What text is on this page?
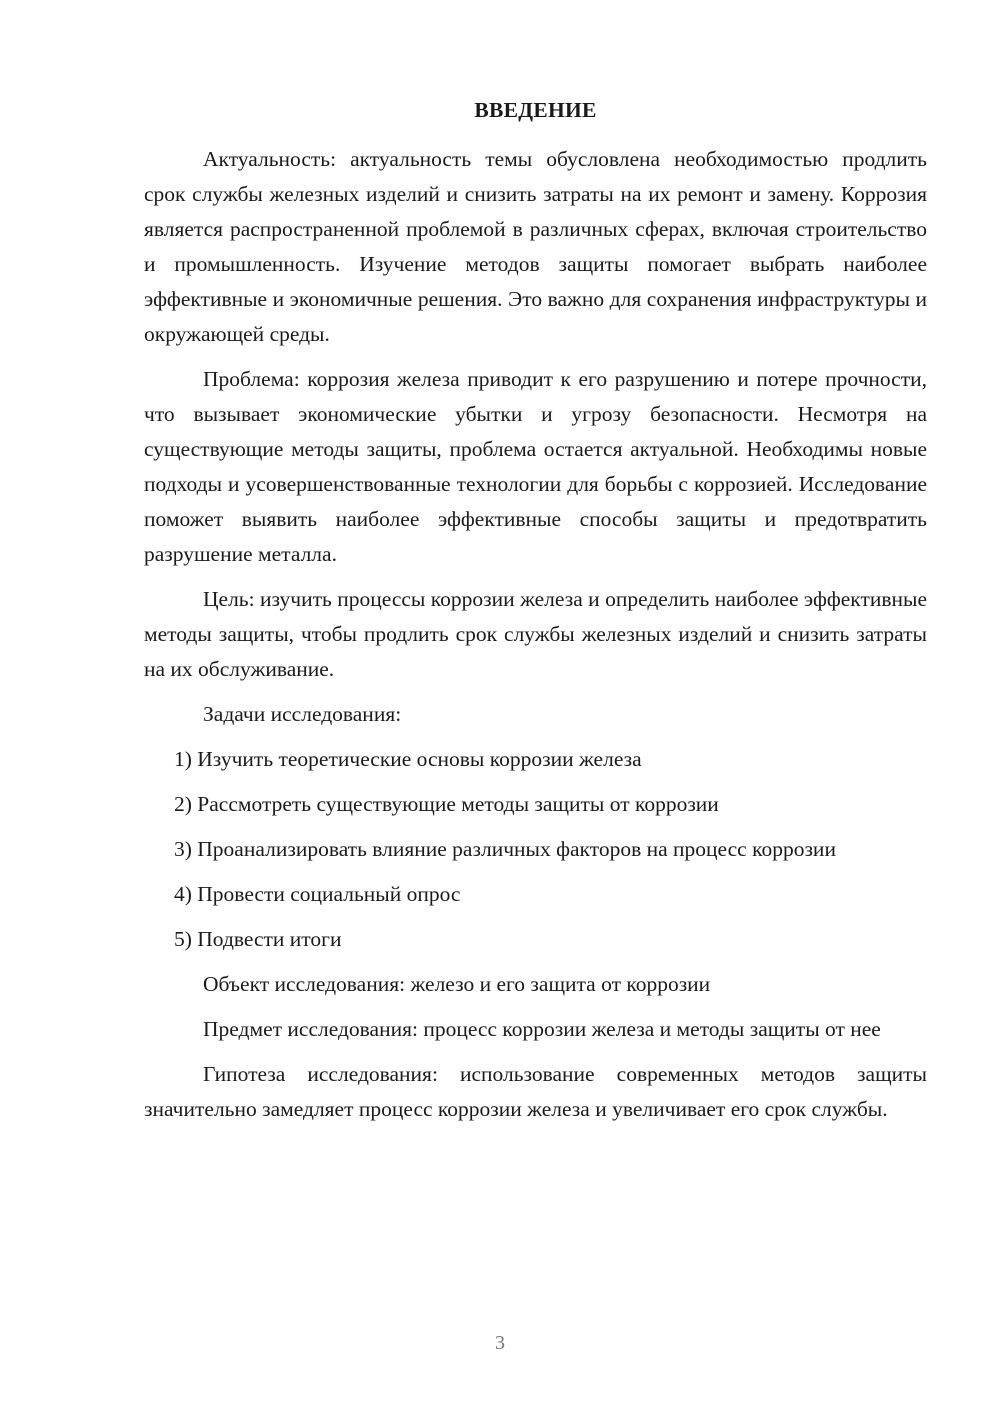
ВВЕДЕНИЕ

Актуальность: актуальность темы обусловлена необходимостью продлить срок службы железных изделий и снизить затраты на их ремонт и замену. Коррозия является распространенной проблемой в различных сферах, включая строительство и промышленность. Изучение методов защиты помогает выбрать наиболее эффективные и экономичные решения. Это важно для сохранения инфраструктуры и окружающей среды.

Проблема: коррозия железа приводит к его разрушению и потере прочности, что вызывает экономические убытки и угрозу безопасности. Несмотря на существующие методы защиты, проблема остается актуальной. Необходимы новые подходы и усовершенствованные технологии для борьбы с коррозией. Исследование поможет выявить наиболее эффективные способы защиты и предотвратить разрушение металла.

Цель: изучить процессы коррозии железа и определить наиболее эффективные методы защиты, чтобы продлить срок службы железных изделий и снизить затраты на их обслуживание.

Задачи исследования:

1) Изучить теоретические основы коррозии железа

2) Рассмотреть существующие методы защиты от коррозии

3) Проанализировать влияние различных факторов на процесс коррозии

4) Провести социальный опрос

5) Подвести итоги

Объект исследования: железо и его защита от коррозии

Предмет исследования: процесс коррозии железа и методы защиты от нее

Гипотеза исследования: использование современных методов защиты значительно замедляет процесс коррозии железа и увеличивает его срок службы.

3
